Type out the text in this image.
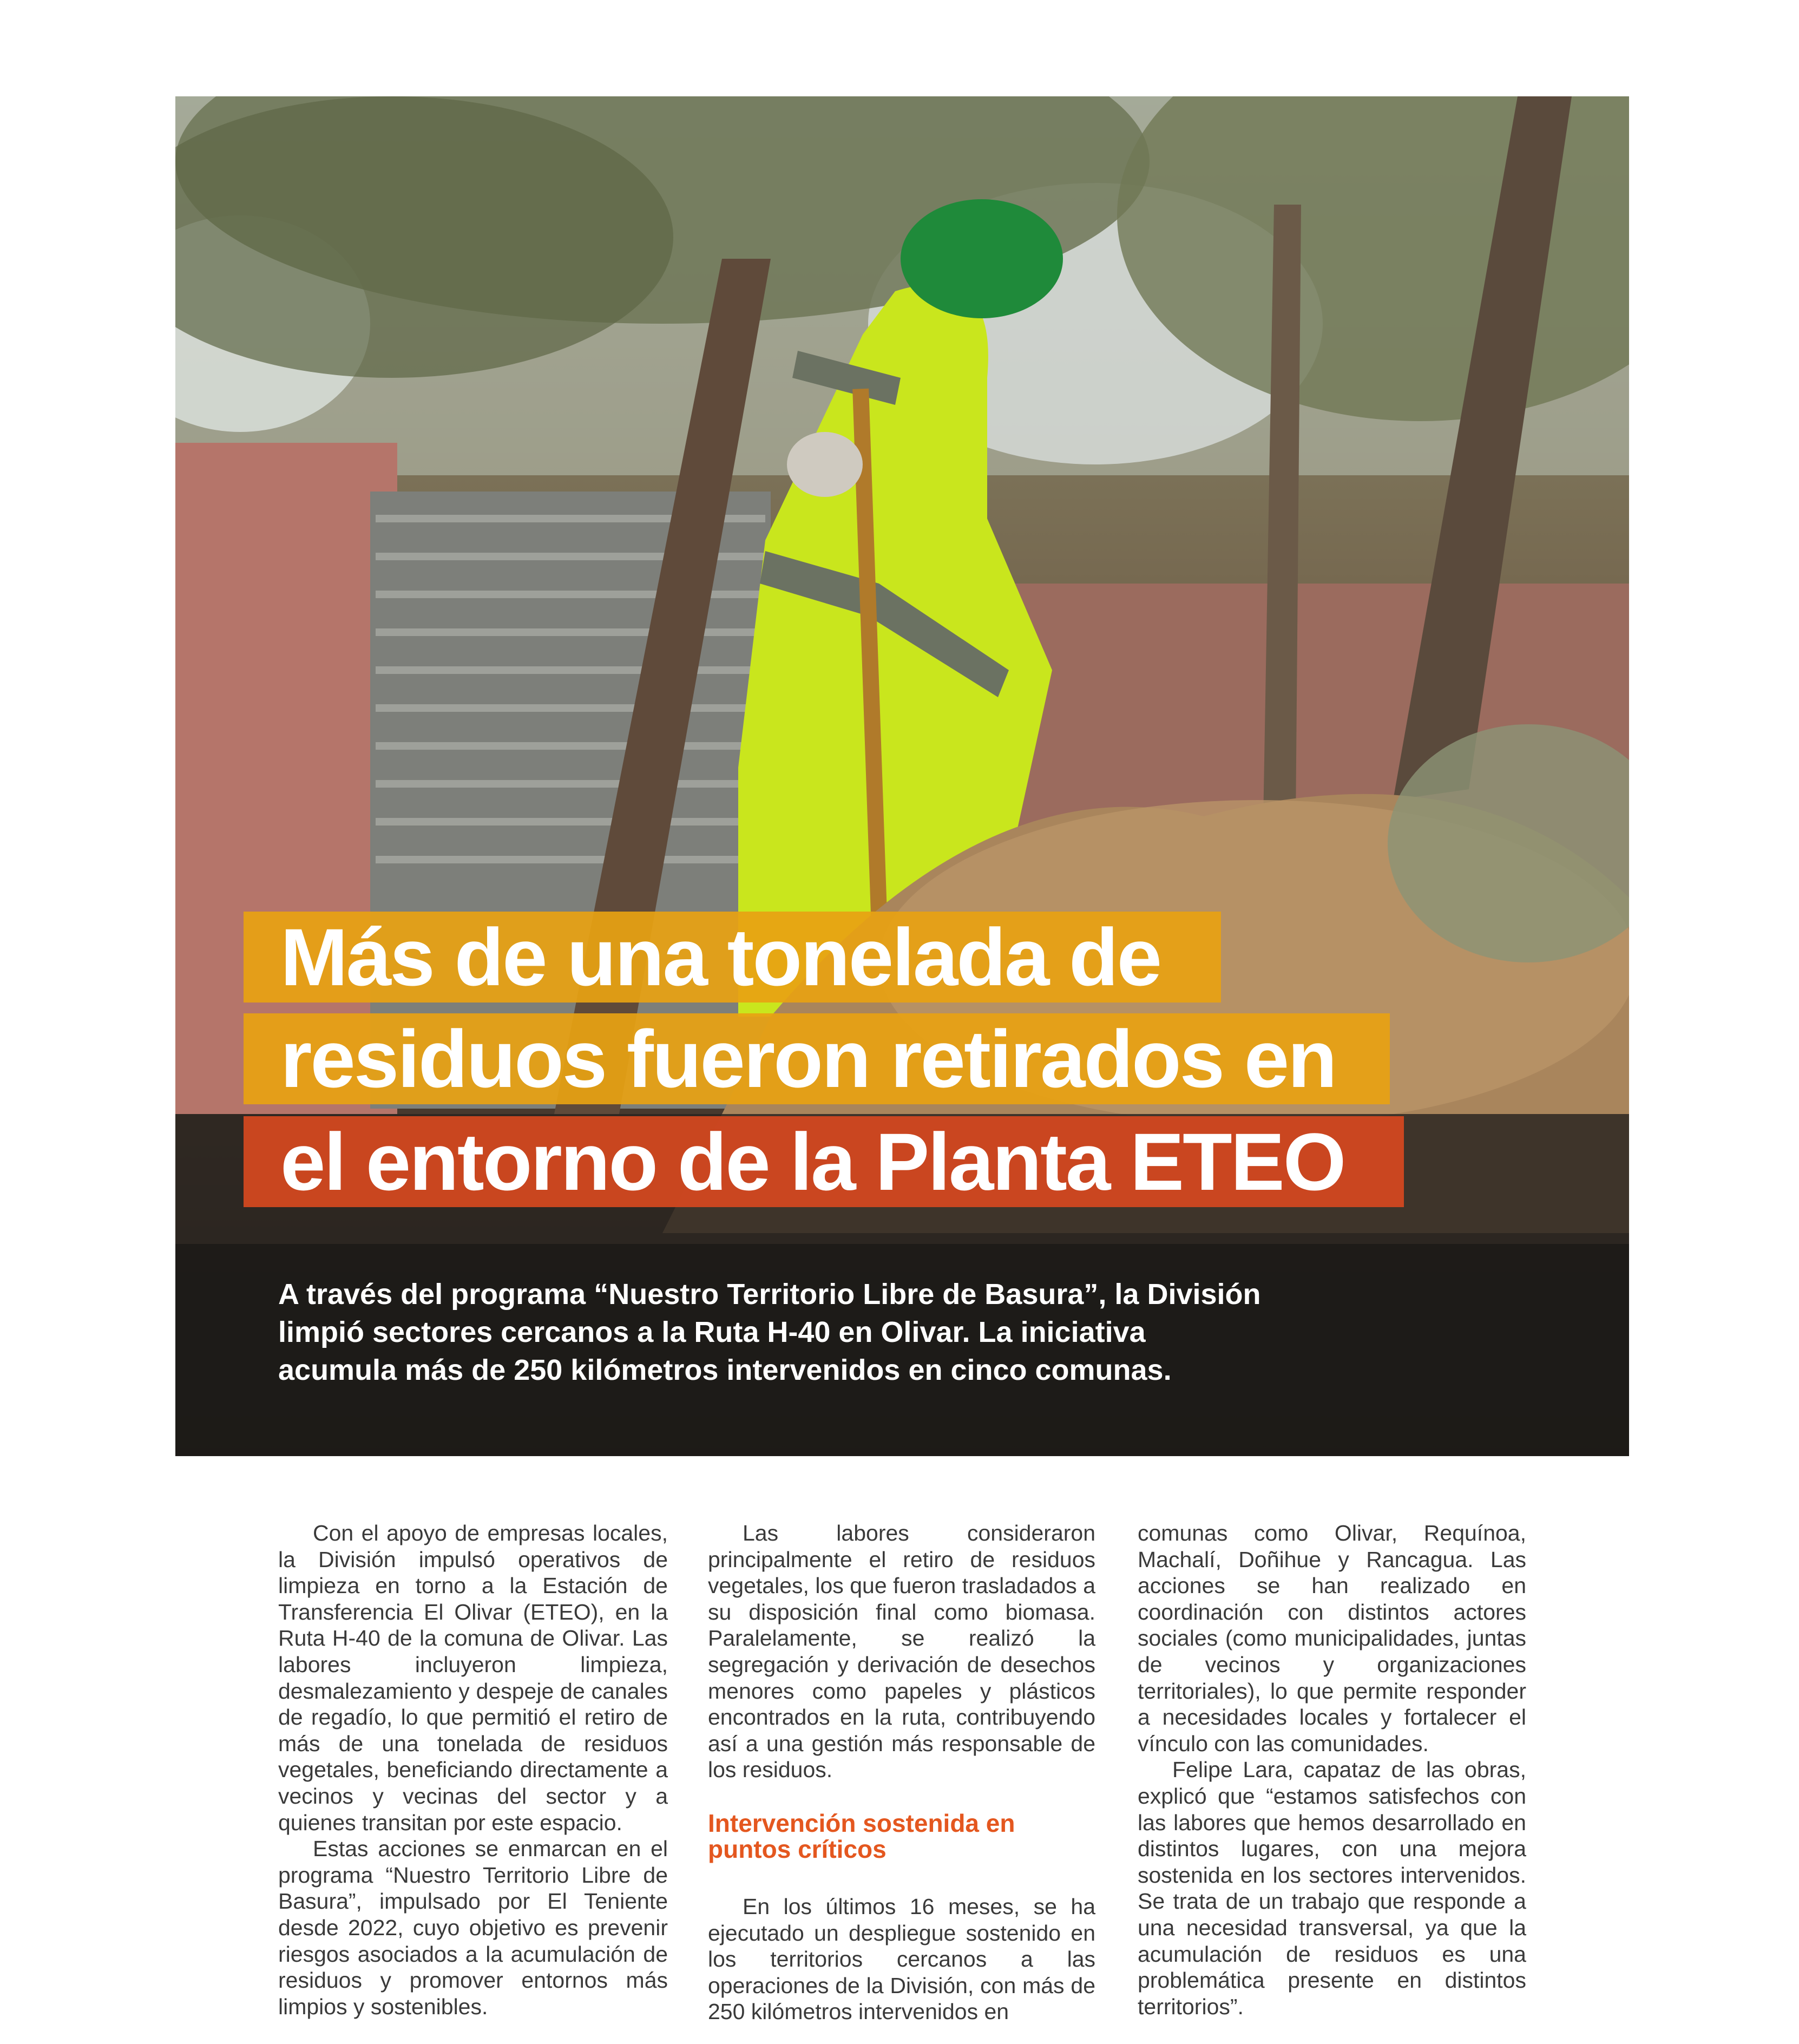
Más de una tonelada de
residuos fueron retirados en
el entorno de la Planta ETEO
A través del programa “Nuestro Territorio Libre de Basura”, la División
limpió sectores cercanos a la Ruta H-40 en Olivar. La iniciativa
acumula más de 250 kilómetros intervenidos en cinco comunas.

Con el apoyo de empresas locales, la División impulsó operativos de limpieza en torno a la Estación de Transferencia El Olivar (ETEO), en la Ruta H-40 de la comuna de Olivar. Las labores incluyeron limpieza, desmalezamiento y despeje de canales de regadío, lo que permitió el retiro de más de una tonelada de residuos vegetales, beneficiando directamente a vecinos y vecinas del sector y a quienes transitan por este espacio.

Estas acciones se enmarcan en el programa “Nuestro Territorio Libre de Basura”, impulsado por El Teniente desde 2022, cuyo objetivo es prevenir riesgos asociados a la acumulación de residuos y promover entornos más limpios y sostenibles.

Las labores consideraron principalmente el retiro de residuos vegetales, los que fueron trasladados a su disposición final como biomasa. Paralelamente, se realizó la segregación y derivación de desechos menores como papeles y plásticos encontrados en la ruta, contribuyendo así a una gestión más responsable de los residuos.

Intervención sostenida en puntos críticos

En los últimos 16 meses, se ha ejecutado un despliegue sostenido en los territorios cercanos a las operaciones de la División, con más de 250 kilómetros intervenidos en

comunas como Olivar, Requínoa, Machalí, Doñihue y Rancagua. Las acciones se han realizado en coordinación con distintos actores sociales (como municipalidades, juntas de vecinos y organizaciones territoriales), lo que permite responder a necesidades locales y fortalecer el vínculo con las comunidades.

Felipe Lara, capataz de las obras, explicó que “estamos satisfechos con las labores que hemos desarrollado en distintos lugares, con una mejora sostenida en los sectores intervenidos. Se trata de un trabajo que responde a una necesidad transversal, ya que la acumulación de residuos es una problemática presente en distintos territorios”.
